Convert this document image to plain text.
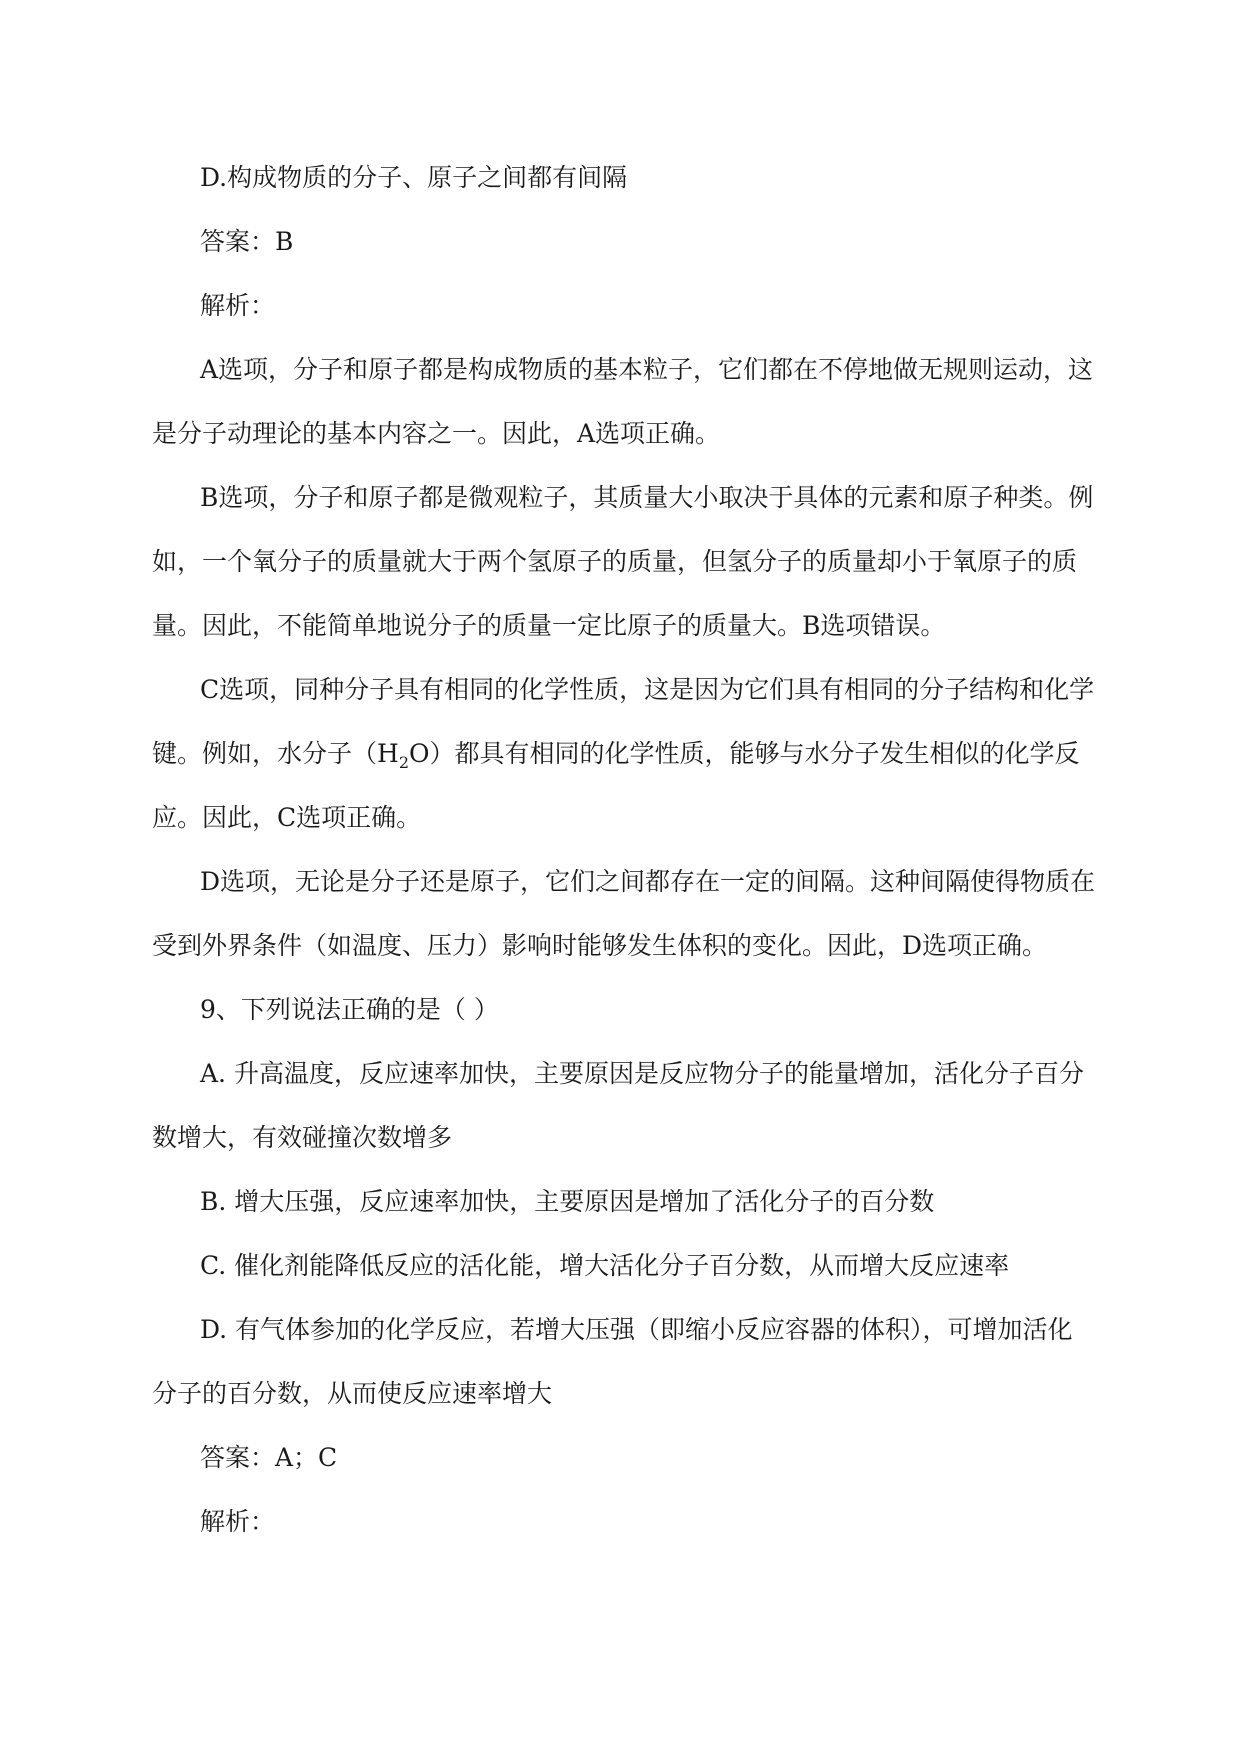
D.构成物质的分子、原子之间都有间隔

答案：B

解析：

A选项，分子和原子都是构成物质的基本粒子，它们都在不停地做无规则运动，这是分子动理论的基本内容之一。因此，A选项正确。

B选项，分子和原子都是微观粒子，其质量大小取决于具体的元素和原子种类。例如，一个氧分子的质量就大于两个氢原子的质量，但氢分子的质量却小于氧原子的质量。因此，不能简单地说分子的质量一定比原子的质量大。B选项错误。

C选项，同种分子具有相同的化学性质，这是因为它们具有相同的分子结构和化学键。例如，水分子$(H_2O)$都具有相同的化学性质，能够与水分子发生相似的化学反应。因此，C选项正确。

D选项，无论是分子还是原子，它们之间都存在一定的间隔。这种间隔使得物质在受到外界条件（如温度、压力）影响时能够发生体积的变化。因此，D选项正确。

9、下列说法正确的是（ ）

A. 升高温度，反应速率加快，主要原因是反应物分子的能量增加，活化分子百分数增大，有效碰撞次数增多

B. 增大压强，反应速率加快，主要原因是增加了活化分子的百分数

C. 催化剂能降低反应的活化能，增大活化分子百分数，从而增大反应速率

D. 有气体参加的化学反应，若增大压强（即缩小反应容器的体积），可增加活化分子的百分数，从而使反应速率增大

答案：A；C

解析：
